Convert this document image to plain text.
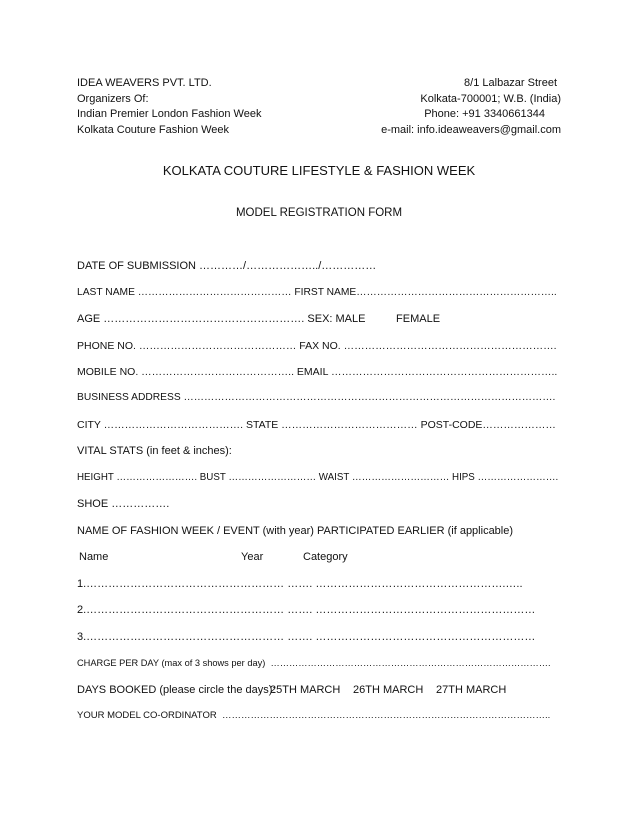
IDEA WEAVERS PVT. LTD.
Organizers Of:
Indian Premier London Fashion Week
Kolkata Couture Fashion Week
8/1 Lalbazar Street
Kolkata-700001; W.B. (India)
Phone: +91 3340661344
e-mail: info.ideaweavers@gmail.com
KOLKATA COUTURE LIFESTYLE & FASHION WEEK
MODEL REGISTRATION FORM
DATE OF SUBMISSION …………/………………../……………
LAST NAME ……………………………………… FIRST NAME…………………………………………………..
AGE ………………………………………………. SEX: MALE          FEMALE
PHONE NO. ……………………………………… FAX NO. …………………………………………………….
MOBILE NO. …………………………………….. EMAIL ………………………………………………………..
BUSINESS ADDRESS ……………………………………………………………………………………………….
CITY …………………………………. STATE ………………………………… POST-CODE…………………
VITAL STATS (in feet & inches):
HEIGHT ……………………. BUST ……………………… WAIST ………………………… HIPS …………………….
SHOE …………….
NAME OF FASHION WEEK / EVENT (with year) PARTICIPATED EARLIER (if applicable)
Name	Year	Category
1.……………………………………………… ……. …………………………………………….…..
2.……………………………………………… ……. ……………………………………………………
3.……………………………………………… ……. ……………………………………………………
CHARGE PER DAY (max of 3 shows per day)  ……………………………………………………………………………….
DAYS BOOKED (please circle the days):
25TH MARCH 26TH MARCH 27TH MARCH
YOUR MODEL CO-ORDINATOR  …………………………………………………………………………………………..
